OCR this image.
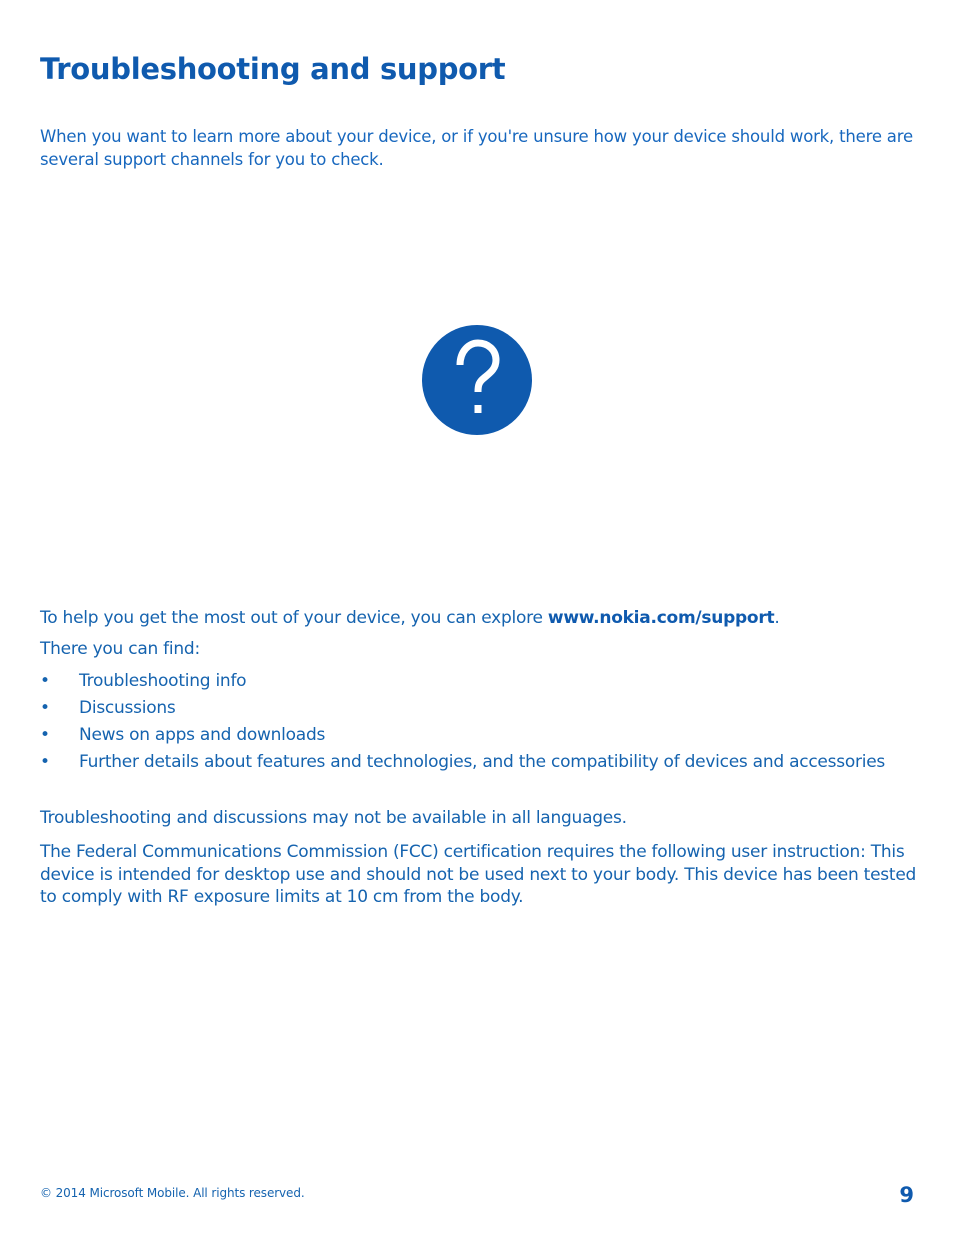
Troubleshooting and support

When you want to learn more about your device, or if you're unsure how your device should work, there are several support channels for you to check.

To help you get the most out of your device, you can explore www.nokia.com/support.

There you can find:

• Troubleshooting info
• Discussions
• News on apps and downloads
• Further details about features and technologies, and the compatibility of devices and accessories

Troubleshooting and discussions may not be available in all languages.

The Federal Communications Commission (FCC) certification requires the following user instruction: This device is intended for desktop use and should not be used next to your body. This device has been tested to comply with RF exposure limits at 10 cm from the body.

© 2014 Microsoft Mobile. All rights reserved.	9
